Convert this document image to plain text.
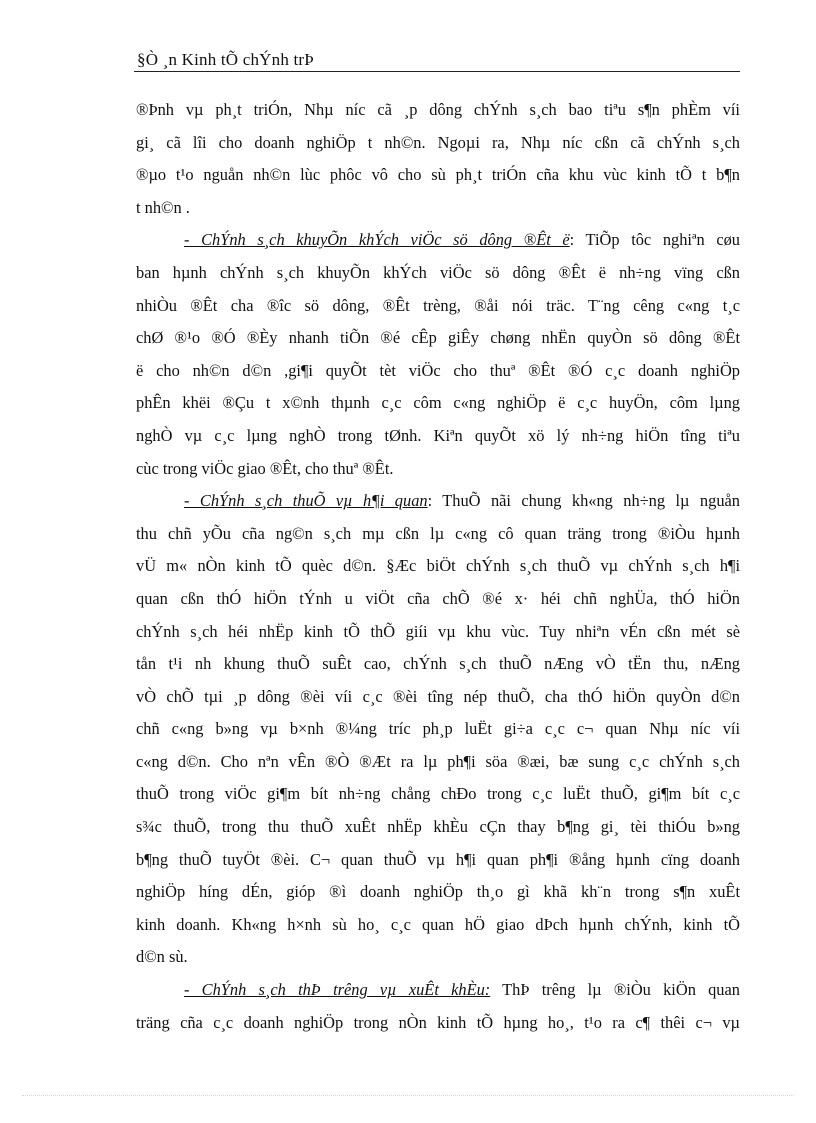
§Ò ¸n Kinh tÕ chÝnh trÞ
®Þnh vµ ph¸t triÓn, Nhµ níc cã ¸p dông chÝnh s¸ch bao tiªu s¶n phÈm víi
gi¸ cã lîi cho doanh nghiÖp t nh©n. Ngoµi ra, Nhµ níc cßn cã chÝnh s¸ch
®µo t¹o nguån nh©n lùc phôc vô cho sù ph¸t triÓn cña khu vùc kinh tÕ t b¶n
t nh©n .
- ChÝnh s¸ch khuyÕn khÝch viÖc sö dông ®Êt ë: TiÕp tôc nghiªn cøu
ban hµnh chÝnh s¸ch khuyÕn khÝch viÖc sö dông ®Êt ë nh÷ng vïng cßn
nhiÒu ®Êt cha ®îc sö dông, ®Êt trèng, ®åi nói träc. T¨ng cêng c«ng t¸c
chØ ®¹o ®Ó ®Èy nhanh tiÕn ®é cÊp giÊy chøng nhËn quyÒn sö dông ®Êt
ë cho nh©n d©n ,gi¶i quyÕt tèt viÖc cho thuª ®Êt ®Ó c¸c doanh nghiÖp
phÊn khëi ®Çu t x©nh thµnh c¸c côm c«ng nghiÖp ë c¸c huyÖn, côm lµng
nghÒ vµ c¸c lµng nghÒ trong tØnh. Kiªn quyÕt xö lý nh÷ng hiÖn tîng tiªu
cùc trong viÖc giao ®Êt, cho thuª ®Êt.
- ChÝnh s¸ch thuÕ vµ h¶i quan: ThuÕ nãi chung kh«ng nh÷ng lµ nguån
thu chñ yÕu cña ng©n s¸ch mµ cßn lµ c«ng cô quan träng trong ®iÒu hµnh
vÜ m« nÒn kinh tÕ quèc d©n. §Æc biÖt chÝnh s¸ch thuÕ vµ chÝnh s¸ch h¶i
quan cßn thÓ hiÖn tÝnh u viÖt cña chÕ ®é x· héi chñ nghÜa, thÓ hiÖn
chÝnh s¸ch héi nhËp kinh tÕ thÕ giíi vµ khu vùc. Tuy nhiªn vÉn cßn mét sè
tån t¹i nh khung thuÕ suÊt cao, chÝnh s¸ch thuÕ nÆng vÒ tËn thu, nÆng
vÒ chÕ tµi ¸p dông ®èi víi c¸c ®èi tîng nép thuÕ, cha thÓ hiÖn quyÒn d©n
chñ c«ng b»ng vµ b×nh ®¼ng tríc ph¸p luËt gi÷a c¸c c¬ quan Nhµ níc víi
c«ng d©n. Cho nªn vÊn ®Ò ®Æt ra lµ ph¶i söa ®æi, bæ sung c¸c chÝnh s¸ch
thuÕ trong viÖc gi¶m bít nh÷ng chång chÐo trong c¸c luËt thuÕ, gi¶m bít c¸c
s¾c thuÕ, trong thu thuÕ xuÊt nhËp khÈu cÇn thay b¶ng gi¸ tèi thiÓu b»ng
b¶ng thuÕ tuyÖt ®èi. C¬ quan thuÕ vµ h¶i quan ph¶i ®ång hµnh cïng doanh
nghiÖp híng dÉn, gióp ®ì doanh nghiÖp th¸o gì khã kh¨n trong s¶n xuÊt
kinh doanh. Kh«ng h×nh sù ho¸ c¸c quan hÖ giao dÞch hµnh chÝnh, kinh tÕ
d©n sù.
- ChÝnh s¸ch thÞ trêng vµ xuÊt khÈu: ThÞ trêng lµ ®iÒu kiÖn quan
träng cña c¸c doanh nghiÖp trong nÒn kinh tÕ hµng ho¸, t¹o ra c¶ thêi c¬ vµ
